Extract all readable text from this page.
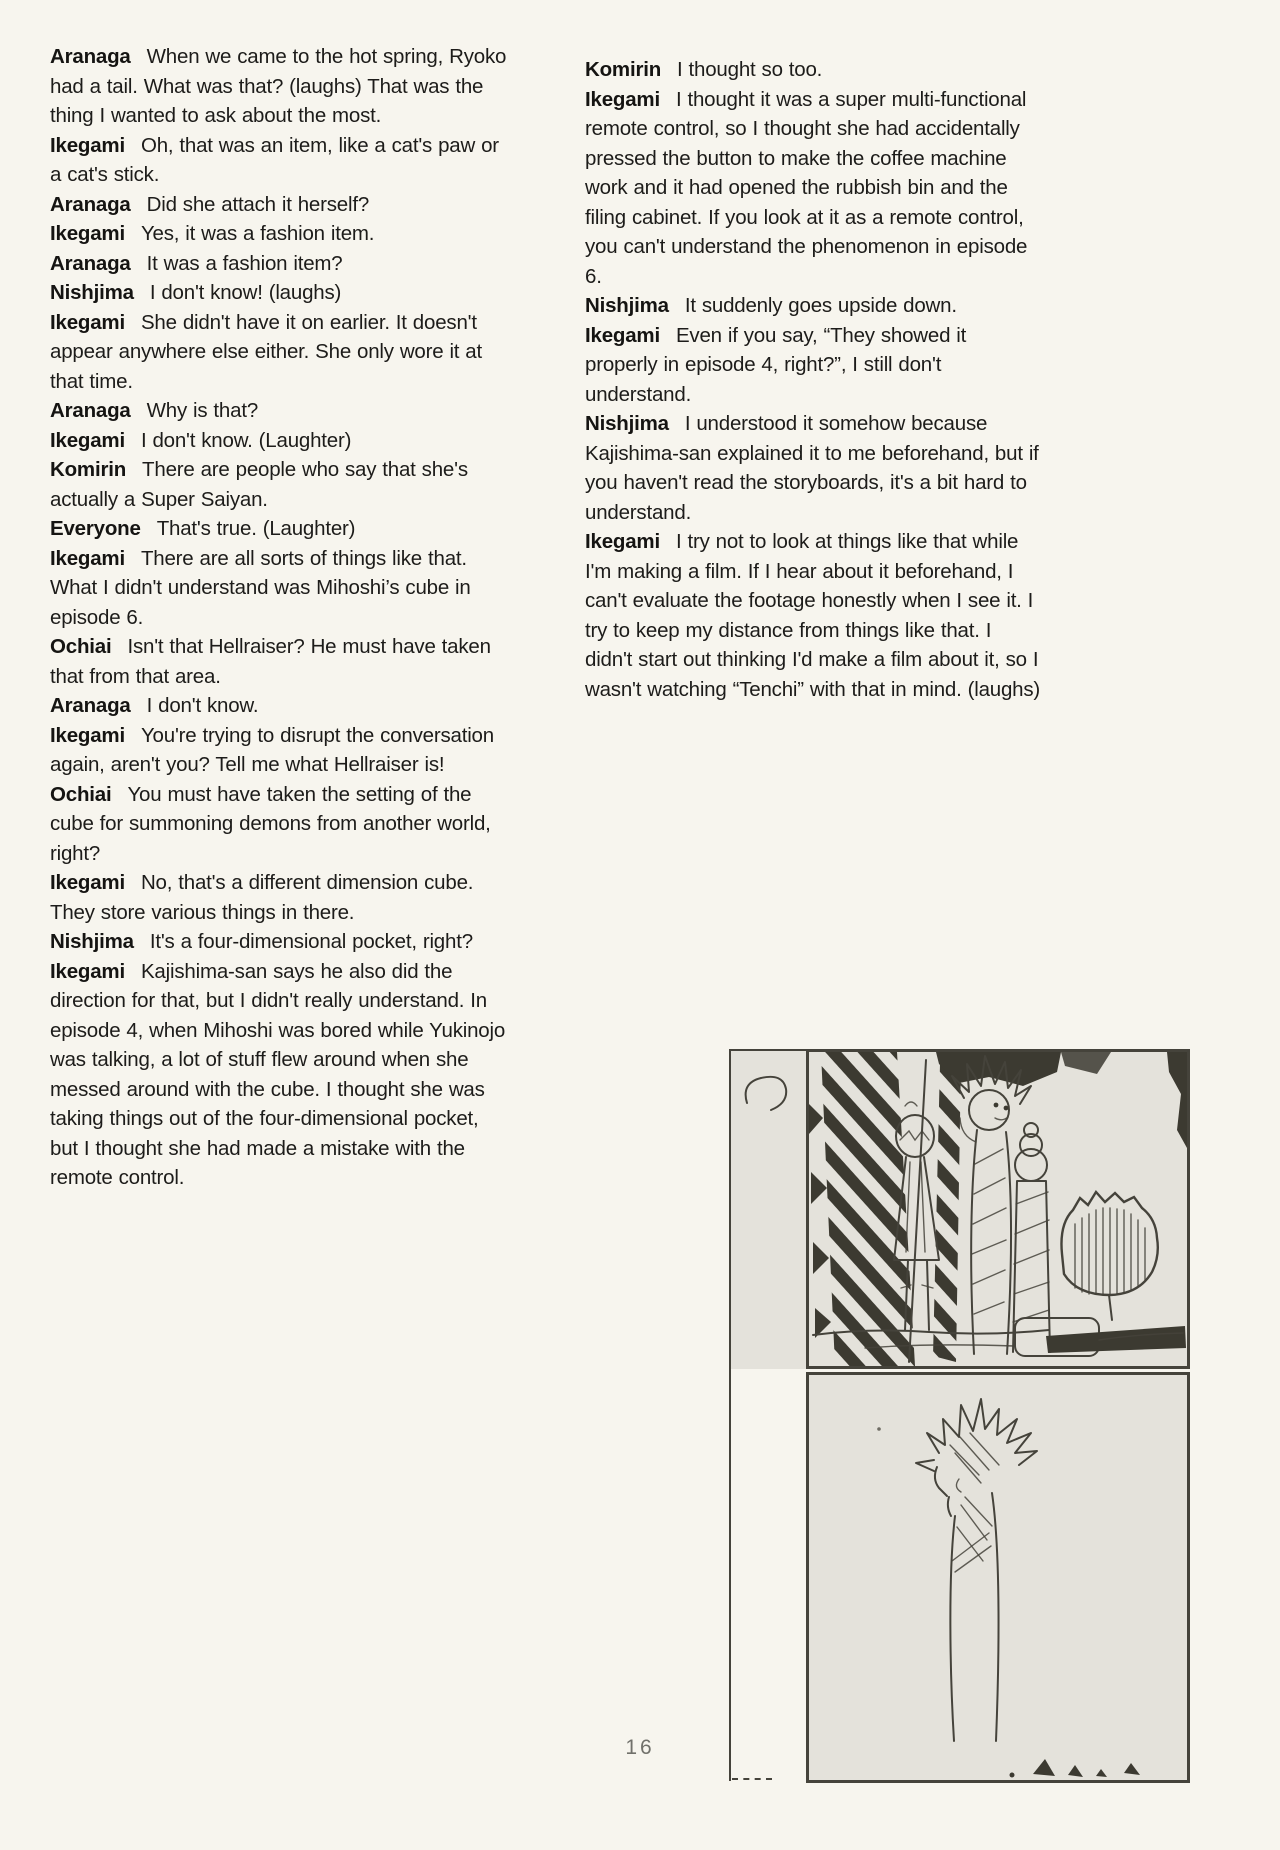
Aranaga When we came to the hot spring, Ryoko had a tail. What was that? (laughs) That was the thing I wanted to ask about the most.

Ikegami Oh, that was an item, like a cat's paw or a cat's stick.

Aranaga Did she attach it herself?

Ikegami Yes, it was a fashion item.

Aranaga It was a fashion item?

Nishjima I don't know! (laughs)

Ikegami She didn't have it on earlier. It doesn't appear anywhere else either. She only wore it at that time.

Aranaga Why is that?

Ikegami I don't know. (Laughter)

Komirin There are people who say that she's actually a Super Saiyan.

Everyone That's true. (Laughter)

Ikegami There are all sorts of things like that. What I didn't understand was Mihoshi’s cube in episode 6.

Ochiai Isn't that Hellraiser? He must have taken that from that area.

Aranaga I don't know.

Ikegami You're trying to disrupt the conversation again, aren't you? Tell me what Hellraiser is!

Ochiai You must have taken the setting of the cube for summoning demons from another world, right?

Ikegami No, that's a different dimension cube. They store various things in there.

Nishjima It's a four-dimensional pocket, right?

Ikegami Kajishima-san says he also did the direction for that, but I didn't really understand. In episode 4, when Mihoshi was bored while Yukinojo was talking, a lot of stuff flew around when she messed around with the cube. I thought she was taking things out of the four-dimensional pocket, but I thought she had made a mistake with the remote control.

Komirin I thought so too.

Ikegami I thought it was a super multi-functional remote control, so I thought she had accidentally pressed the button to make the coffee machine work and it had opened the rubbish bin and the filing cabinet. If you look at it as a remote control, you can't understand the phenomenon in episode 6.

Nishjima It suddenly goes upside down.

Ikegami Even if you say, “They showed it properly in episode 4, right?”, I still don't understand.

Nishjima I understood it somehow because Kajishima-san explained it to me beforehand, but if you haven't read the storyboards, it's a bit hard to understand.

Ikegami I try not to look at things like that while I'm making a film. If I hear about it beforehand, I can't evaluate the footage honestly when I see it. I try to keep my distance from things like that. I didn't start out thinking I'd make a film about it, so I wasn't watching “Tenchi” with that in mind. (laughs)

16
